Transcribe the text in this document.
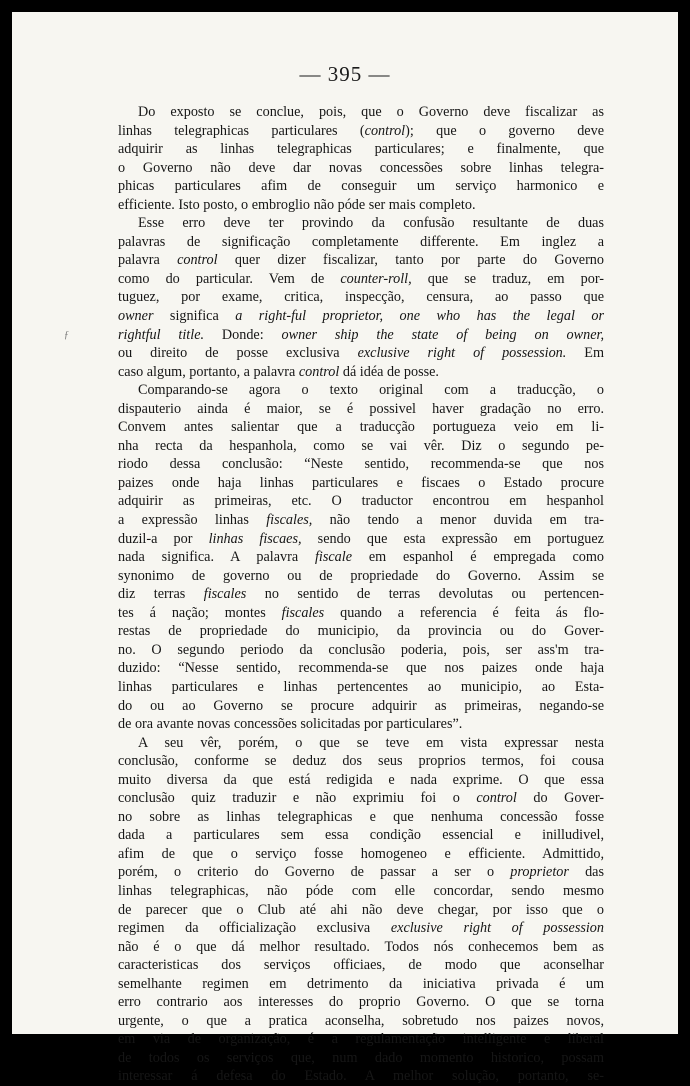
— 395 —
ƒ
Do exposto se conclue, pois, que o Governo deve fiscalizar as
linhas telegraphicas particulares (control); que o governo deve
adquirir as linhas telegraphicas particulares; e finalmente, que
o Governo não deve dar novas concessões sobre linhas telegra-
phicas particulares afim de conseguir um serviço harmonico e
efficiente. Isto posto, o embroglio não póde ser mais completo.
Esse erro deve ter provindo da confusão resultante de duas
palavras de significação completamente differente. Em inglez a
palavra control quer dizer fiscalizar, tanto por parte do Governo
como do particular. Vem de counter-roll, que se traduz, em por-
tuguez, por exame, critica, inspecção, censura, ao passo que
owner significa a right-ful proprietor, one who has the legal or
rightful title. Donde: owner ship the state of being on owner,
ou direito de posse exclusiva exclusive right of possession. Em
caso algum, portanto, a palavra control dá idéa de posse.
Comparando-se agora o texto original com a traducção, o
dispauterio ainda é maior, se é possivel haver gradação no erro.
Convem antes salientar que a traducção portugueza veio em li-
nha recta da hespanhola, como se vai vêr. Diz o segundo pe-
riodo dessa conclusão: “Neste sentido, recommenda-se que nos
paizes onde haja linhas particulares e fiscaes o Estado procure
adquirir as primeiras, etc. O traductor encontrou em hespanhol
a expressão linhas fiscales, não tendo a menor duvida em tra-
duzil-a por linhas fiscaes, sendo que esta expressão em portuguez
nada significa. A palavra fiscale em espanhol é empregada como
synonimo de governo ou de propriedade do Governo. Assim se
diz terras fiscales no sentido de terras devolutas ou pertencen-
tes á nação; montes fiscales quando a referencia é feita ás flo-
restas de propriedade do municipio, da provincia ou do Gover-
no. O segundo periodo da conclusão poderia, pois, ser ass'm tra-
duzido: “Nesse sentido, recommenda-se que nos paizes onde haja
linhas particulares e linhas pertencentes ao municipio, ao Esta-
do ou ao Governo se procure adquirir as primeiras, negando-se
de ora avante novas concessões solicitadas por particulares”.
A seu vêr, porém, o que se teve em vista expressar nesta
conclusão, conforme se deduz dos seus proprios termos, foi cousa
muito diversa da que está redigida e nada exprime. O que essa
conclusão quiz traduzir e não exprimiu foi o control do Gover-
no sobre as linhas telegraphicas e que nenhuma concessão fosse
dada a particulares sem essa condição essencial e inilludivel,
afim de que o serviço fosse homogeneo e efficiente. Admittido,
porém, o criterio do Governo de passar a ser o proprietor das
linhas telegraphicas, não póde com elle concordar, sendo mesmo
de parecer que o Club até ahi não deve chegar, por isso que o
regimen da officialização exclusiva exclusive right of possession
não é o que dá melhor resultado. Todos nós conhecemos bem as
caracteristicas dos serviços officiaes, de modo que aconselhar
semelhante regimen em detrimento da iniciativa privada é um
erro contrario aos interesses do proprio Governo. O que se torna
urgente, o que a pratica aconselha, sobretudo nos paizes novos,
em via de organização, é a regulamentação intelligente e liberal
de todos os serviços que, num dado momento historico, possam
interessar á defesa do Estado. A melhor solução, portanto, se-
